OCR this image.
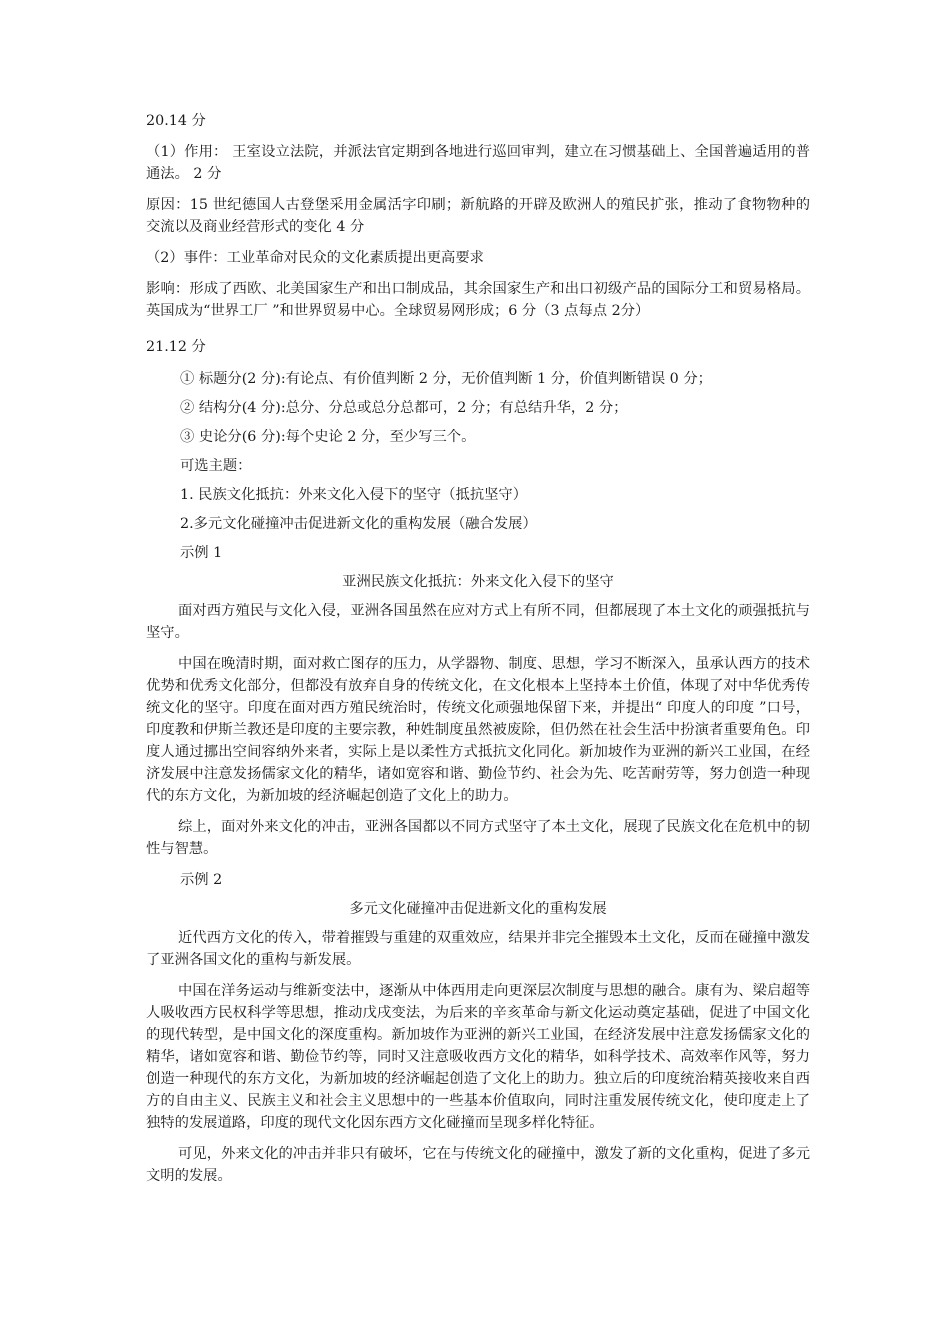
20.14 分

（1）作用： 王室设立法院，并派法官定期到各地进行巡回审判，建立在习惯基础上、全国普遍适用的普通法。 2 分

原因：15 世纪德国人古登堡采用金属活字印刷；新航路的开辟及欧洲人的殖民扩张，推动了食物物种的交流以及商业经营形式的变化 4 分

（2）事件：工业革命对民众的文化素质提出更高要求

影响：形成了西欧、北美国家生产和出口制成品，其余国家生产和出口初级产品的国际分工和贸易格局。英国成为“世界工厂 ”和世界贸易中心。全球贸易网形成；6 分（3 点每点 2分）

21.12 分

① 标题分(2 分):有论点、有价值判断 2 分，无价值判断 1 分，价值判断错误 0 分；

② 结构分(4 分):总分、分总或总分总都可，2 分；有总结升华，2 分；

③ 史论分(6 分):每个史论 2 分，至少写三个。

可选主题：

1. 民族文化抵抗：外来文化入侵下的坚守（抵抗坚守）

2.多元文化碰撞冲击促进新文化的重构发展（融合发展）

示例 1

亚洲民族文化抵抗：外来文化入侵下的坚守

面对西方殖民与文化入侵，亚洲各国虽然在应对方式上有所不同，但都展现了本土文化的顽强抵抗与坚守。

中国在晚清时期，面对救亡图存的压力，从学器物、制度、思想，学习不断深入，虽承认西方的技术优势和优秀文化部分，但都没有放弃自身的传统文化，在文化根本上坚持本土价值，体现了对中华优秀传统文化的坚守。印度在面对西方殖民统治时，传统文化顽强地保留下来，并提出“ 印度人的印度 ”口号，印度教和伊斯兰教还是印度的主要宗教，种姓制度虽然被废除，但仍然在社会生活中扮演者重要角色。印度人通过挪出空间容纳外来者，实际上是以柔性方式抵抗文化同化。新加坡作为亚洲的新兴工业国，在经济发展中注意发扬儒家文化的精华，诸如宽容和谐、勤俭节约、社会为先、吃苦耐劳等，努力创造一种现代的东方文化，为新加坡的经济崛起创造了文化上的助力。

综上，面对外来文化的冲击，亚洲各国都以不同方式坚守了本土文化，展现了民族文化在危机中的韧性与智慧。

示例 2

多元文化碰撞冲击促进新文化的重构发展

近代西方文化的传入，带着摧毁与重建的双重效应，结果并非完全摧毁本土文化，反而在碰撞中激发了亚洲各国文化的重构与新发展。

中国在洋务运动与维新变法中，逐渐从中体西用走向更深层次制度与思想的融合。康有为、梁启超等人吸收西方民权科学等思想，推动戊戌变法，为后来的辛亥革命与新文化运动奠定基础，促进了中国文化的现代转型，是中国文化的深度重构。新加坡作为亚洲的新兴工业国，在经济发展中注意发扬儒家文化的精华，诸如宽容和谐、勤俭节约等，同时又注意吸收西方文化的精华，如科学技术、高效率作风等，努力创造一种现代的东方文化，为新加坡的经济崛起创造了文化上的助力。独立后的印度统治精英接收来自西方的自由主义、民族主义和社会主义思想中的一些基本价值取向，同时注重发展传统文化，使印度走上了独特的发展道路，印度的现代文化因东西方文化碰撞而呈现多样化特征。

可见，外来文化的冲击并非只有破坏，它在与传统文化的碰撞中，激发了新的文化重构，促进了多元文明的发展。
